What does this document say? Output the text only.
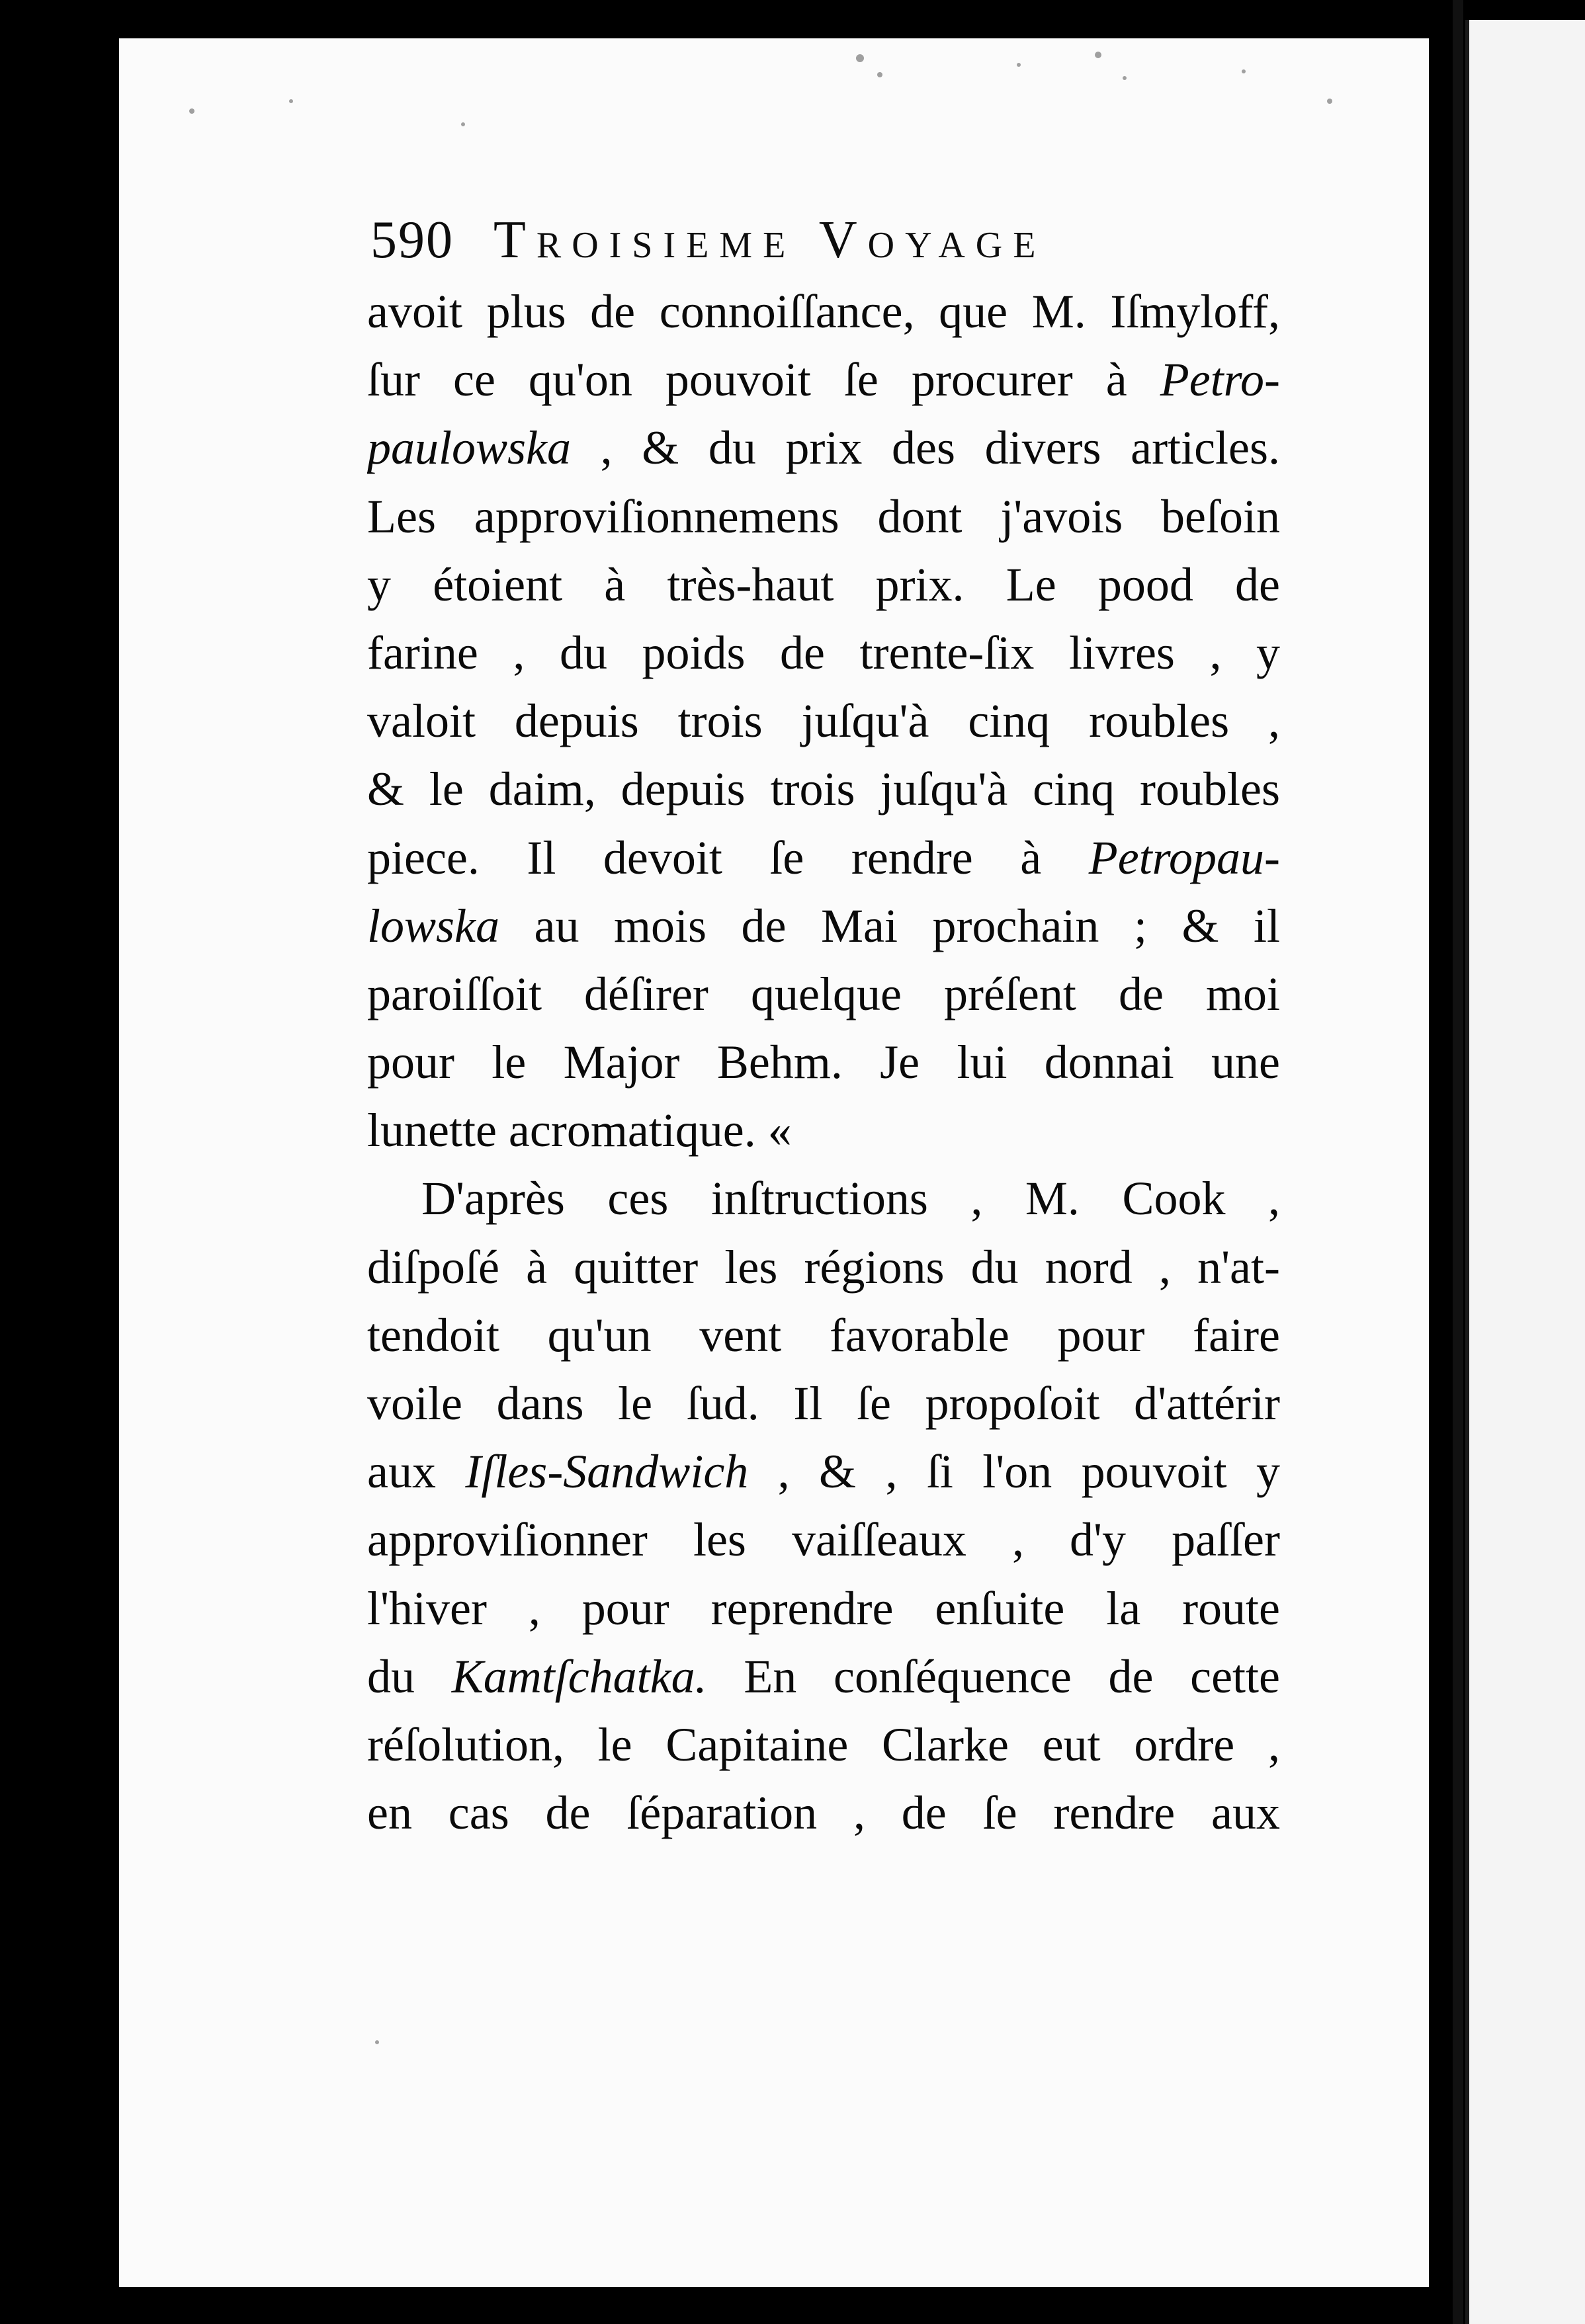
590 Troisieme Voyage
avoit plus de connoiſſance, que M. Iſmyloff,
ſur ce qu'on pouvoit ſe procurer à Petro-
paulowska , & du prix des divers articles.
Les approviſionnemens dont j'avois beſoin
y étoient à très-haut prix. Le pood de
farine , du poids de trente-ſix livres , y
valoit depuis trois juſqu'à cinq roubles ,
& le daim, depuis trois juſqu'à cinq roubles
piece. Il devoit ſe rendre à Petropau-
lowska au mois de Mai prochain ; & il
paroiſſoit déſirer quelque préſent de moi
pour le Major Behm. Je lui donnai une
lunette acromatique. «
D'après ces inſtructions , M. Cook ,
diſpoſé à quitter les régions du nord , n'at-
tendoit qu'un vent favorable pour faire
voile dans le ſud. Il ſe propoſoit d'attérir
aux Iſles-Sandwich , & , ſi l'on pouvoit y
approviſionner les vaiſſeaux , d'y paſſer
l'hiver , pour reprendre enſuite la route
du Kamtſchatka. En conſéquence de cette
réſolution, le Capitaine Clarke eut ordre ,
en cas de ſéparation , de ſe rendre aux
